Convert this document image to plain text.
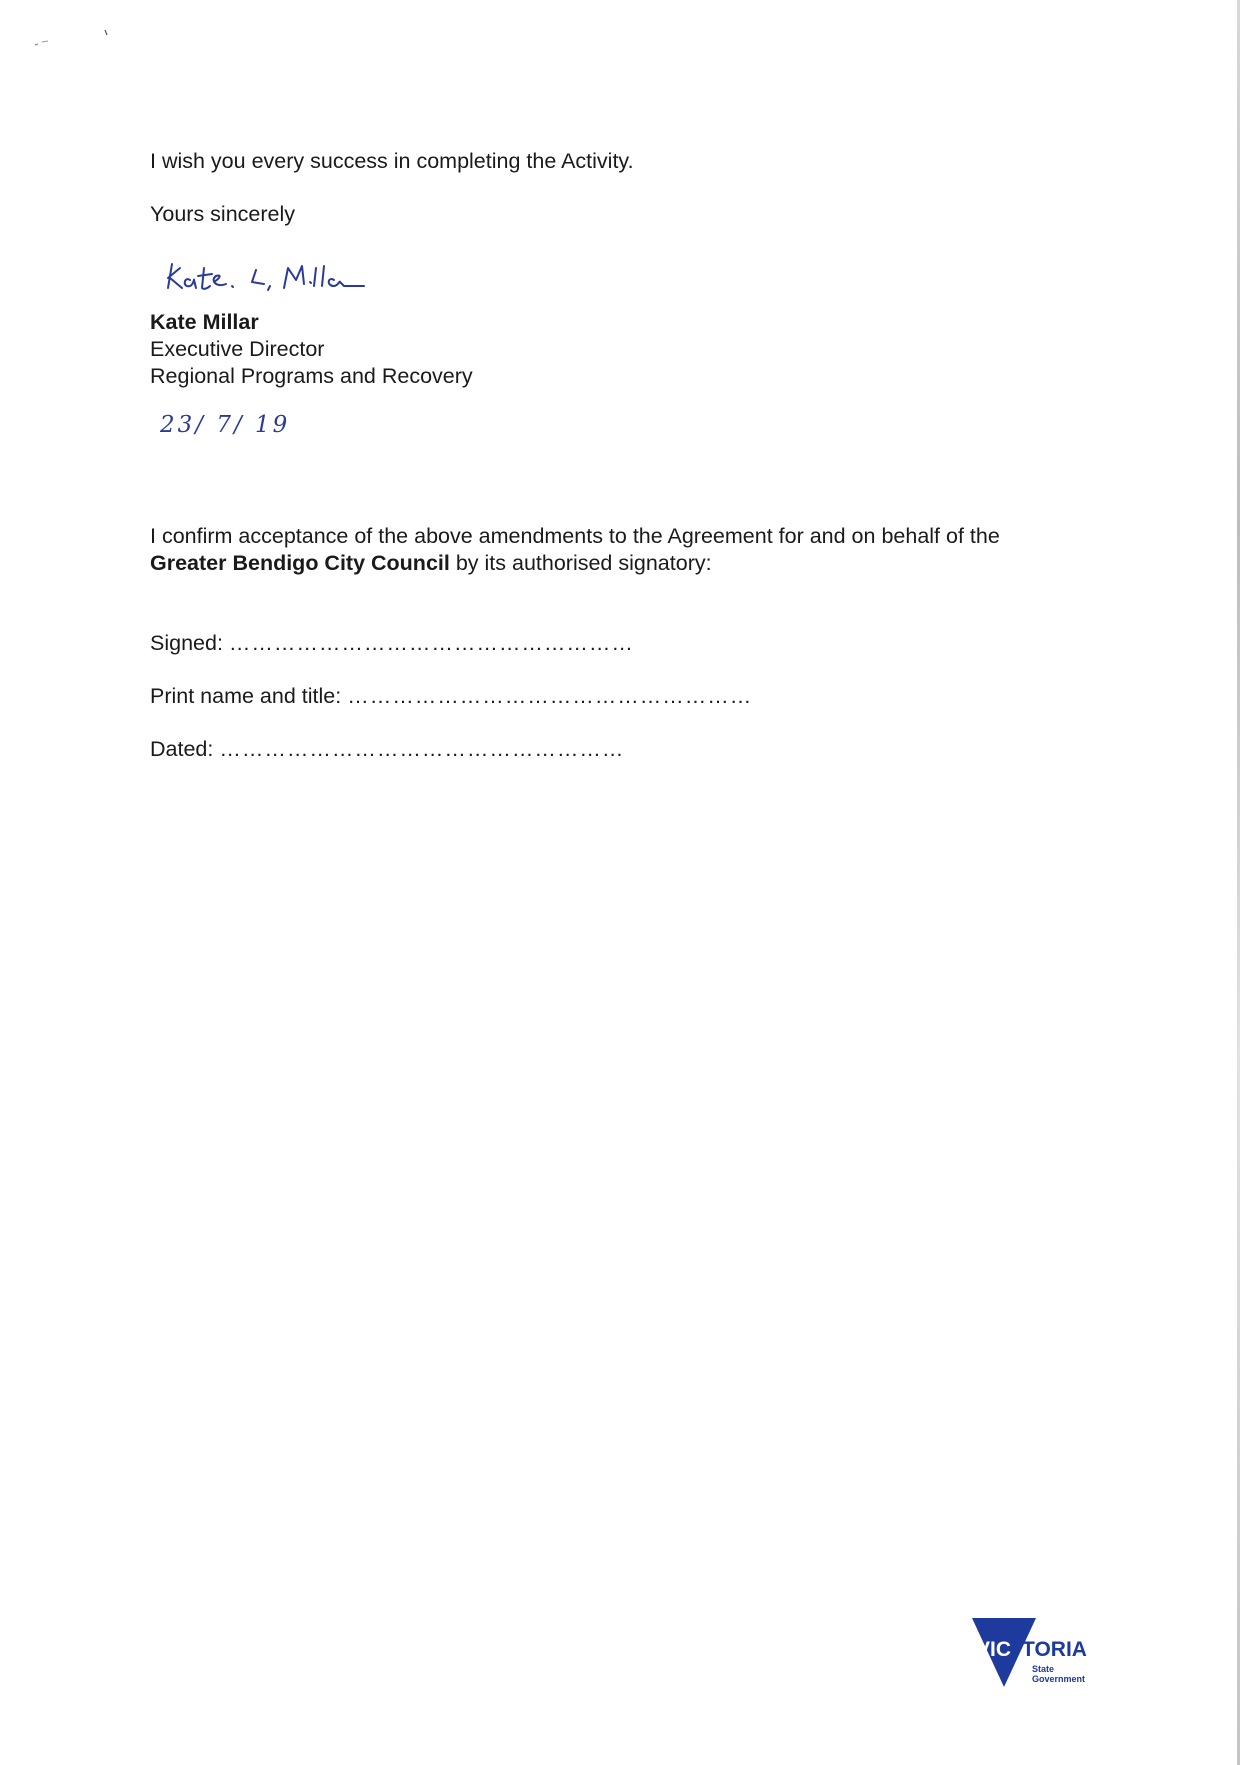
I wish you every success in completing the Activity.
Yours sincerely
Kate Millar
Executive Director
Regional Programs and Recovery
23/ 7/ 19
I confirm acceptance of the above amendments to the Agreement for and on behalf of the
Greater Bendigo City Council by its authorised signatory:
Signed: ………………………………………………
Print name and title: ………………………………………………
Dated: ………………………………………………
VIC TORIA
State
Government
